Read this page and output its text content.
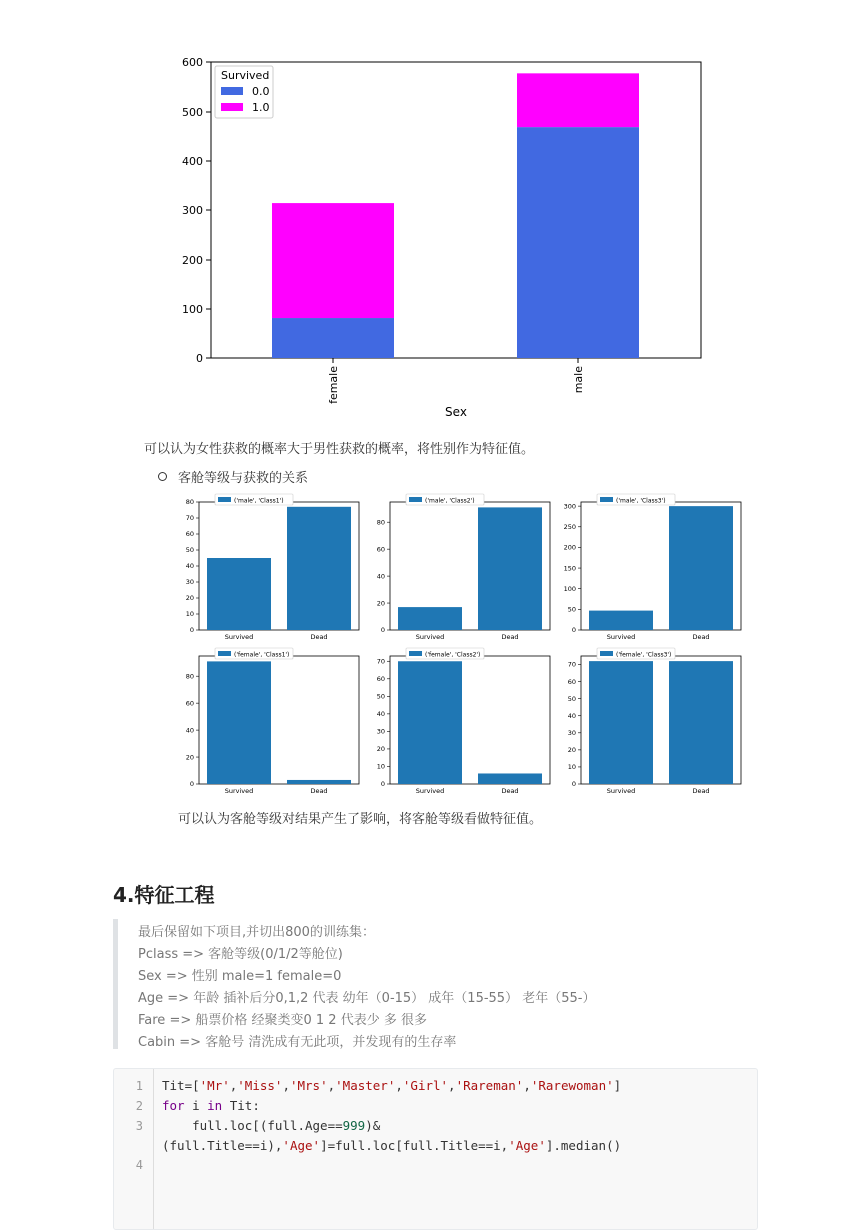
0
100
200
300
400
500
600
female	male
Sex
Survived
0.0
1.0
可以认为女性获救的概率大于男性获救的概率，将性别作为特征值。
客舱等级与获救的关系
Survived	Dead
0
10
20
30
40
50
60
70
80	('male', 'Class1')
Survived	Dead
0
20
40
60
80
('male', 'Class2')
Survived	Dead
0
50
100
150
200
250
300
('male', 'Class3')
Survived	Dead
0
20
40
60
80
('female', 'Class1')
Survived	Dead
0
10
20
30
40
50
60
70
('female', 'Class2')
Survived	Dead
0
10
20
30
40
50
60
70
('female', 'Class3')
可以认为客舱等级对结果产生了影响，将客舱等级看做特征值。
4.特征工程
最后保留如下项目,并切出800的训练集：
Pclass => 客舱等级(0/1/2等舱位)
Sex => 性别 male=1 female=0
Age => 年龄 插补后分0,1,2 代表 幼年（0-15） 成年（15-55） 老年（55-）
Fare => 船票价格 经聚类变0 1 2 代表少 多 很多
Cabin => 客舱号 清洗成有无此项，并发现有的生存率
1
2
3
4
Tit=['Mr','Miss','Mrs','Master','Girl','Rareman','Rarewoman']
for i in Tit:
full.loc[(full.Age==999)&
(full.Title==i),'Age']=full.loc[full.Title==i,'Age'].median()
